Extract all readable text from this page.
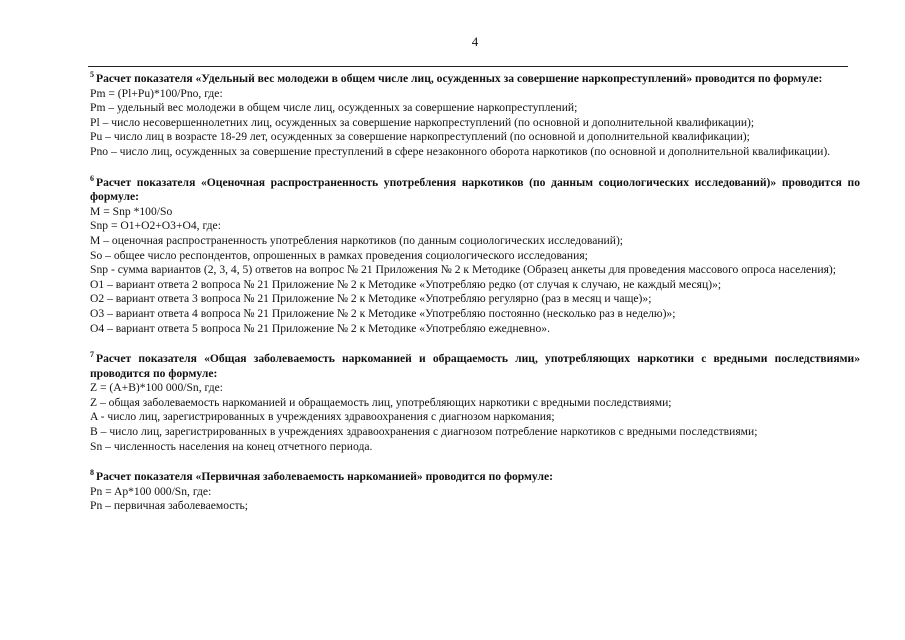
4
$^5$ Расчет показателя «Удельный вес молодежи в общем числе лиц, осужденных за совершение наркопреступлений» проводится по формуле:
Pm = (Pl+Pu)*100/Pno, где:
Pm – удельный вес молодежи в общем числе лиц, осужденных за совершение наркопреступлений;
Pl – число несовершеннолетних лиц, осужденных за совершение наркопреступлений (по основной и дополнительной квалификации);
Pu – число лиц в возрасте 18-29 лет, осужденных за совершение наркопреступлений (по основной и дополнительной квалификации);
Pno – число лиц, осужденных за совершение преступлений в сфере незаконного оборота наркотиков (по основной и дополнительной квалификации).
$^6$ Расчет показателя «Оценочная распространенность употребления наркотиков (по данным социологических исследований)» проводится по формуле:
M = Snp *100/So
Snp = O1+O2+O3+O4, где:
M – оценочная распространенность употребления наркотиков (по данным социологических исследований);
So – общее число респондентов, опрошенных в рамках проведения социологического исследования;
Snp - сумма вариантов (2, 3, 4, 5) ответов на вопрос № 21 Приложения № 2 к Методике (Образец анкеты для проведения массового опроса населения);
O1 – вариант ответа 2 вопроса № 21 Приложение № 2 к Методике «Употребляю редко (от случая к случаю, не каждый месяц)»;
O2 – вариант ответа 3 вопроса № 21 Приложение № 2 к Методике «Употребляю регулярно (раз в месяц и чаще)»;
O3 – вариант ответа 4 вопроса № 21 Приложение № 2 к Методике «Употребляю постоянно (несколько раз в неделю)»;
O4 – вариант ответа 5 вопроса № 21 Приложение № 2 к Методике «Употребляю ежедневно».
$^7$ Расчет показателя «Общая заболеваемость наркоманией и обращаемость лиц, употребляющих наркотики с вредными последствиями» проводится по формуле:
Z = (A+B)*100 000/Sn, где:
Z – общая заболеваемость наркоманией и обращаемость лиц, употребляющих наркотики с вредными последствиями;
A - число лиц, зарегистрированных в учреждениях здравоохранения с диагнозом наркомания;
B – число лиц, зарегистрированных в учреждениях здравоохранения с диагнозом потребление наркотиков с вредными последствиями;
Sn – численность населения на конец отчетного периода.
$^8$ Расчет показателя «Первичная заболеваемость наркоманией» проводится по формуле:
Pn = Ap*100 000/Sn, где:
Pn – первичная заболеваемость;
